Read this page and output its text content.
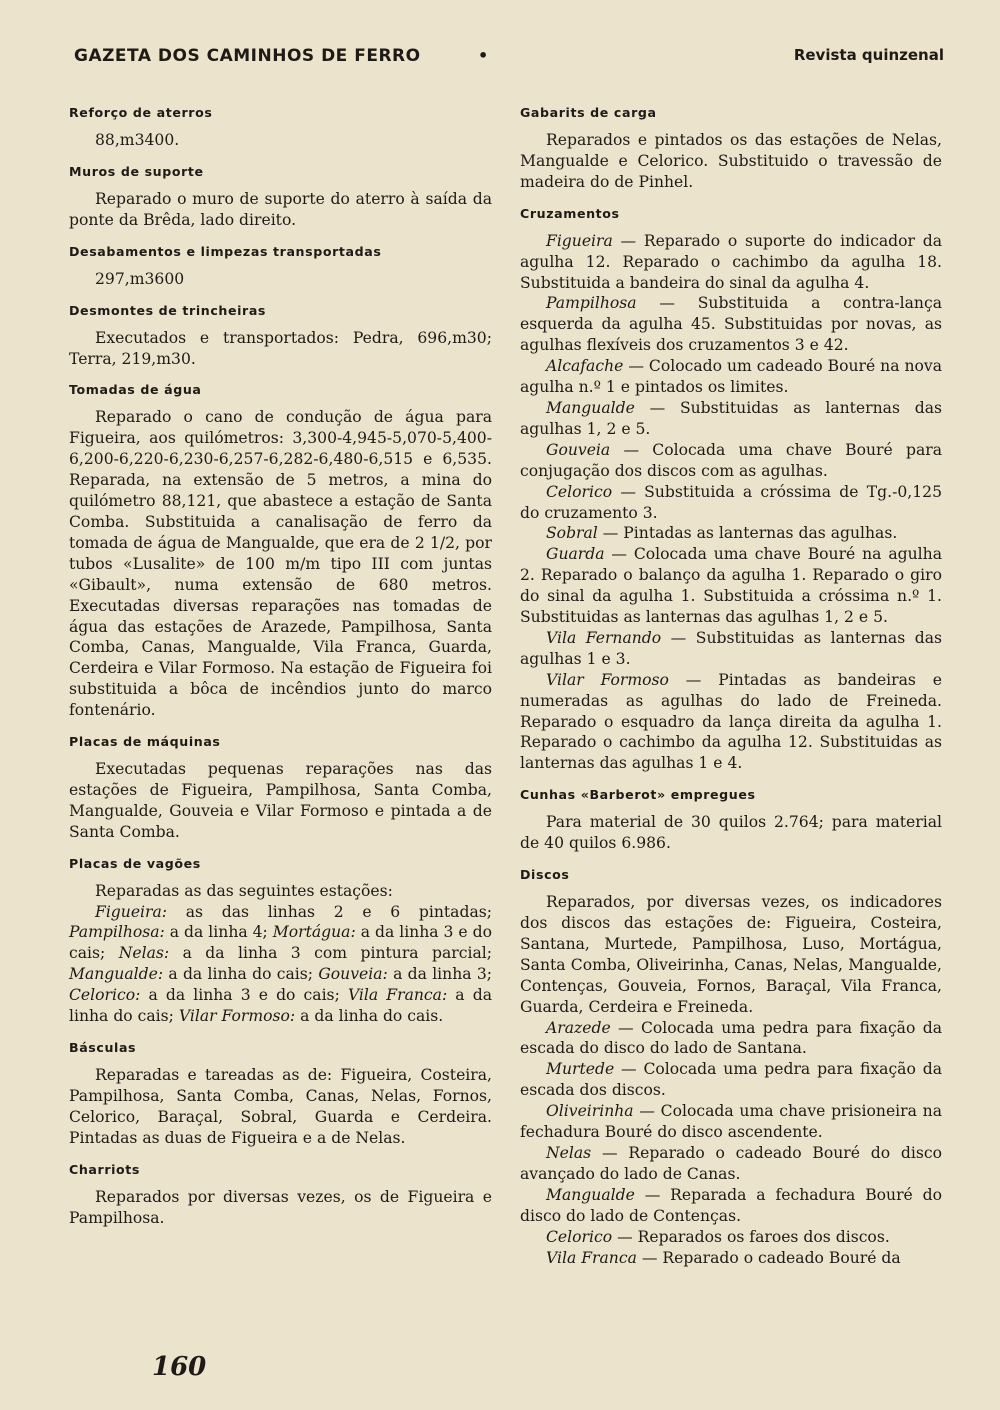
GAZETA DOS CAMINHOS DE FERRO	•	Revista quinzenal
Reforço de aterros

88,m3400.

Muros de suporte

Reparado o muro de suporte do aterro à saída da ponte da Brêda, lado direito.

Desabamentos e limpezas transportadas

297,m3600

Desmontes de trincheiras

Executados e transportados: Pedra, 696,m30; Terra, 219,m30.

Tomadas de água

Reparado o cano de condução de água para Figueira, aos quilómetros: 3,300-4,945-5,070-5,400-6,200-6,220-6,230-6,257-6,282-6,480-6,515 e 6,535. Reparada, na extensão de 5 metros, a mina do quilómetro 88,121, que abastece a estação de Santa Comba. Substituida a canalisação de ferro da tomada de água de Mangualde, que era de 2 1/2, por tubos «Lusalite» de 100 m/m tipo III com juntas «Gibault», numa extensão de 680 metros. Executadas diversas reparações nas tomadas de água das estações de Arazede, Pampilhosa, Santa Comba, Canas, Mangualde, Vila Franca, Guarda, Cerdeira e Vilar Formoso. Na estação de Figueira foi substituida a bôca de incêndios junto do marco fontenário.

Placas de máquinas

Executadas pequenas reparações nas das estações de Figueira, Pampilhosa, Santa Comba, Mangualde, Gouveia e Vilar Formoso e pintada a de Santa Comba.

Placas de vagões

Reparadas as das seguintes estações:

Figueira: as das linhas 2 e 6 pintadas; Pampilhosa: a da linha 4; Mortágua: a da linha 3 e do cais; Nelas: a da linha 3 com pintura parcial; Mangualde: a da linha do cais; Gouveia: a da linha 3; Celorico: a da linha 3 e do cais; Vila Franca: a da linha do cais; Vilar Formoso: a da linha do cais.

Básculas

Reparadas e tareadas as de: Figueira, Costeira, Pampilhosa, Santa Comba, Canas, Nelas, Fornos, Celorico, Baraçal, Sobral, Guarda e Cerdeira. Pintadas as duas de Figueira e a de Nelas.

Charriots

Reparados por diversas vezes, os de Figueira e Pampilhosa.

Gabarits de carga

Reparados e pintados os das estações de Nelas, Mangualde e Celorico. Substituido o travessão de madeira do de Pinhel.

Cruzamentos

Figueira — Reparado o suporte do indicador da agulha 12. Reparado o cachimbo da agulha 18. Substituida a bandeira do sinal da agulha 4.

Pampilhosa — Substituida a contra-lança esquerda da agulha 45. Substituidas por novas, as agulhas flexíveis dos cruzamentos 3 e 42.

Alcafache — Colocado um cadeado Bouré na nova agulha n.º 1 e pintados os limites.

Mangualde — Substituidas as lanternas das agulhas 1, 2 e 5.

Gouveia — Colocada uma chave Bouré para conjugação dos discos com as agulhas.

Celorico — Substituida a cróssima de Tg.-0,125 do cruzamento 3.

Sobral — Pintadas as lanternas das agulhas.

Guarda — Colocada uma chave Bouré na agulha 2. Reparado o balanço da agulha 1. Reparado o giro do sinal da agulha 1. Substituida a cróssima n.º 1. Substituidas as lanternas das agulhas 1, 2 e 5.

Vila Fernando — Substituidas as lanternas das agulhas 1 e 3.

Vilar Formoso — Pintadas as bandeiras e numeradas as agulhas do lado de Freineda. Reparado o esquadro da lança direita da agulha 1. Reparado o cachimbo da agulha 12. Substituidas as lanternas das agulhas 1 e 4.

Cunhas «Barberot» empregues

Para material de 30 quilos 2.764; para material de 40 quilos 6.986.

Discos

Reparados, por diversas vezes, os indicadores dos discos das estações de: Figueira, Costeira, Santana, Murtede, Pampilhosa, Luso, Mortágua, Santa Comba, Oliveirinha, Canas, Nelas, Mangualde, Contenças, Gouveia, Fornos, Baraçal, Vila Franca, Guarda, Cerdeira e Freineda.

Arazede — Colocada uma pedra para fixação da escada do disco do lado de Santana.

Murtede — Colocada uma pedra para fixação da escada dos discos.

Oliveirinha — Colocada uma chave prisioneira na fechadura Bouré do disco ascendente.

Nelas — Reparado o cadeado Bouré do disco avançado do lado de Canas.

Mangualde — Reparada a fechadura Bouré do disco do lado de Contenças.

Celorico — Reparados os faroes dos discos.

Vila Franca — Reparado o cadeado Bouré da

160
